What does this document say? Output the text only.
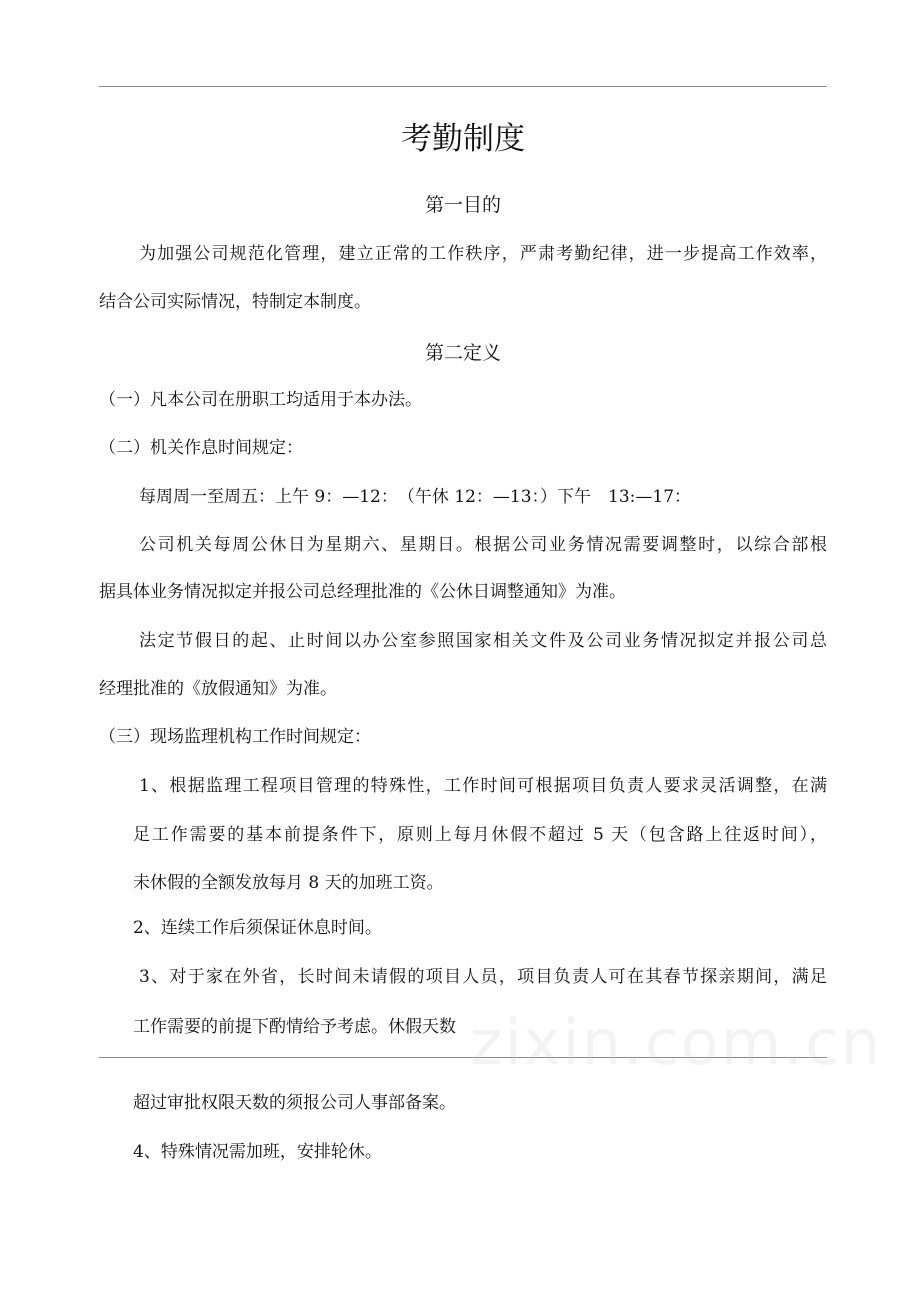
考勤制度
第一目的
为加强公司规范化管理，建立正常的工作秩序，严肃考勤纪律，进一步提高工作效率，
结合公司实际情况，特制定本制度。
第二定义
（一）凡本公司在册职工均适用于本办法。
（二）机关作息时间规定：
每周周一至周五：上午 9：—12：　（午休 12：—13：）下午　13:—17：
公司机关每周公休日为星期六、星期日。根据公司业务情况需要调整时，以综合部根
据具体业务情况拟定并报公司总经理批准的《公休日调整通知》为准。
法定节假日的起、止时间以办公室参照国家相关文件及公司业务情况拟定并报公司总
经理批准的《放假通知》为准。
（三）现场监理机构工作时间规定：
1、根据监理工程项目管理的特殊性，工作时间可根据项目负责人要求灵活调整，在满
足工作需要的基本前提条件下，原则上每月休假不超过 5 天（包含路上往返时间），
未休假的全额发放每月 8 天的加班工资。
2、连续工作后须保证休息时间。
3、对于家在外省，长时间未请假的项目人员，项目负责人可在其春节探亲期间，满足
工作需要的前提下酌情给予考虑。休假天数 zixin.com.cn
超过审批权限天数的须报公司人事部备案。
4、特殊情况需加班，安排轮休。
